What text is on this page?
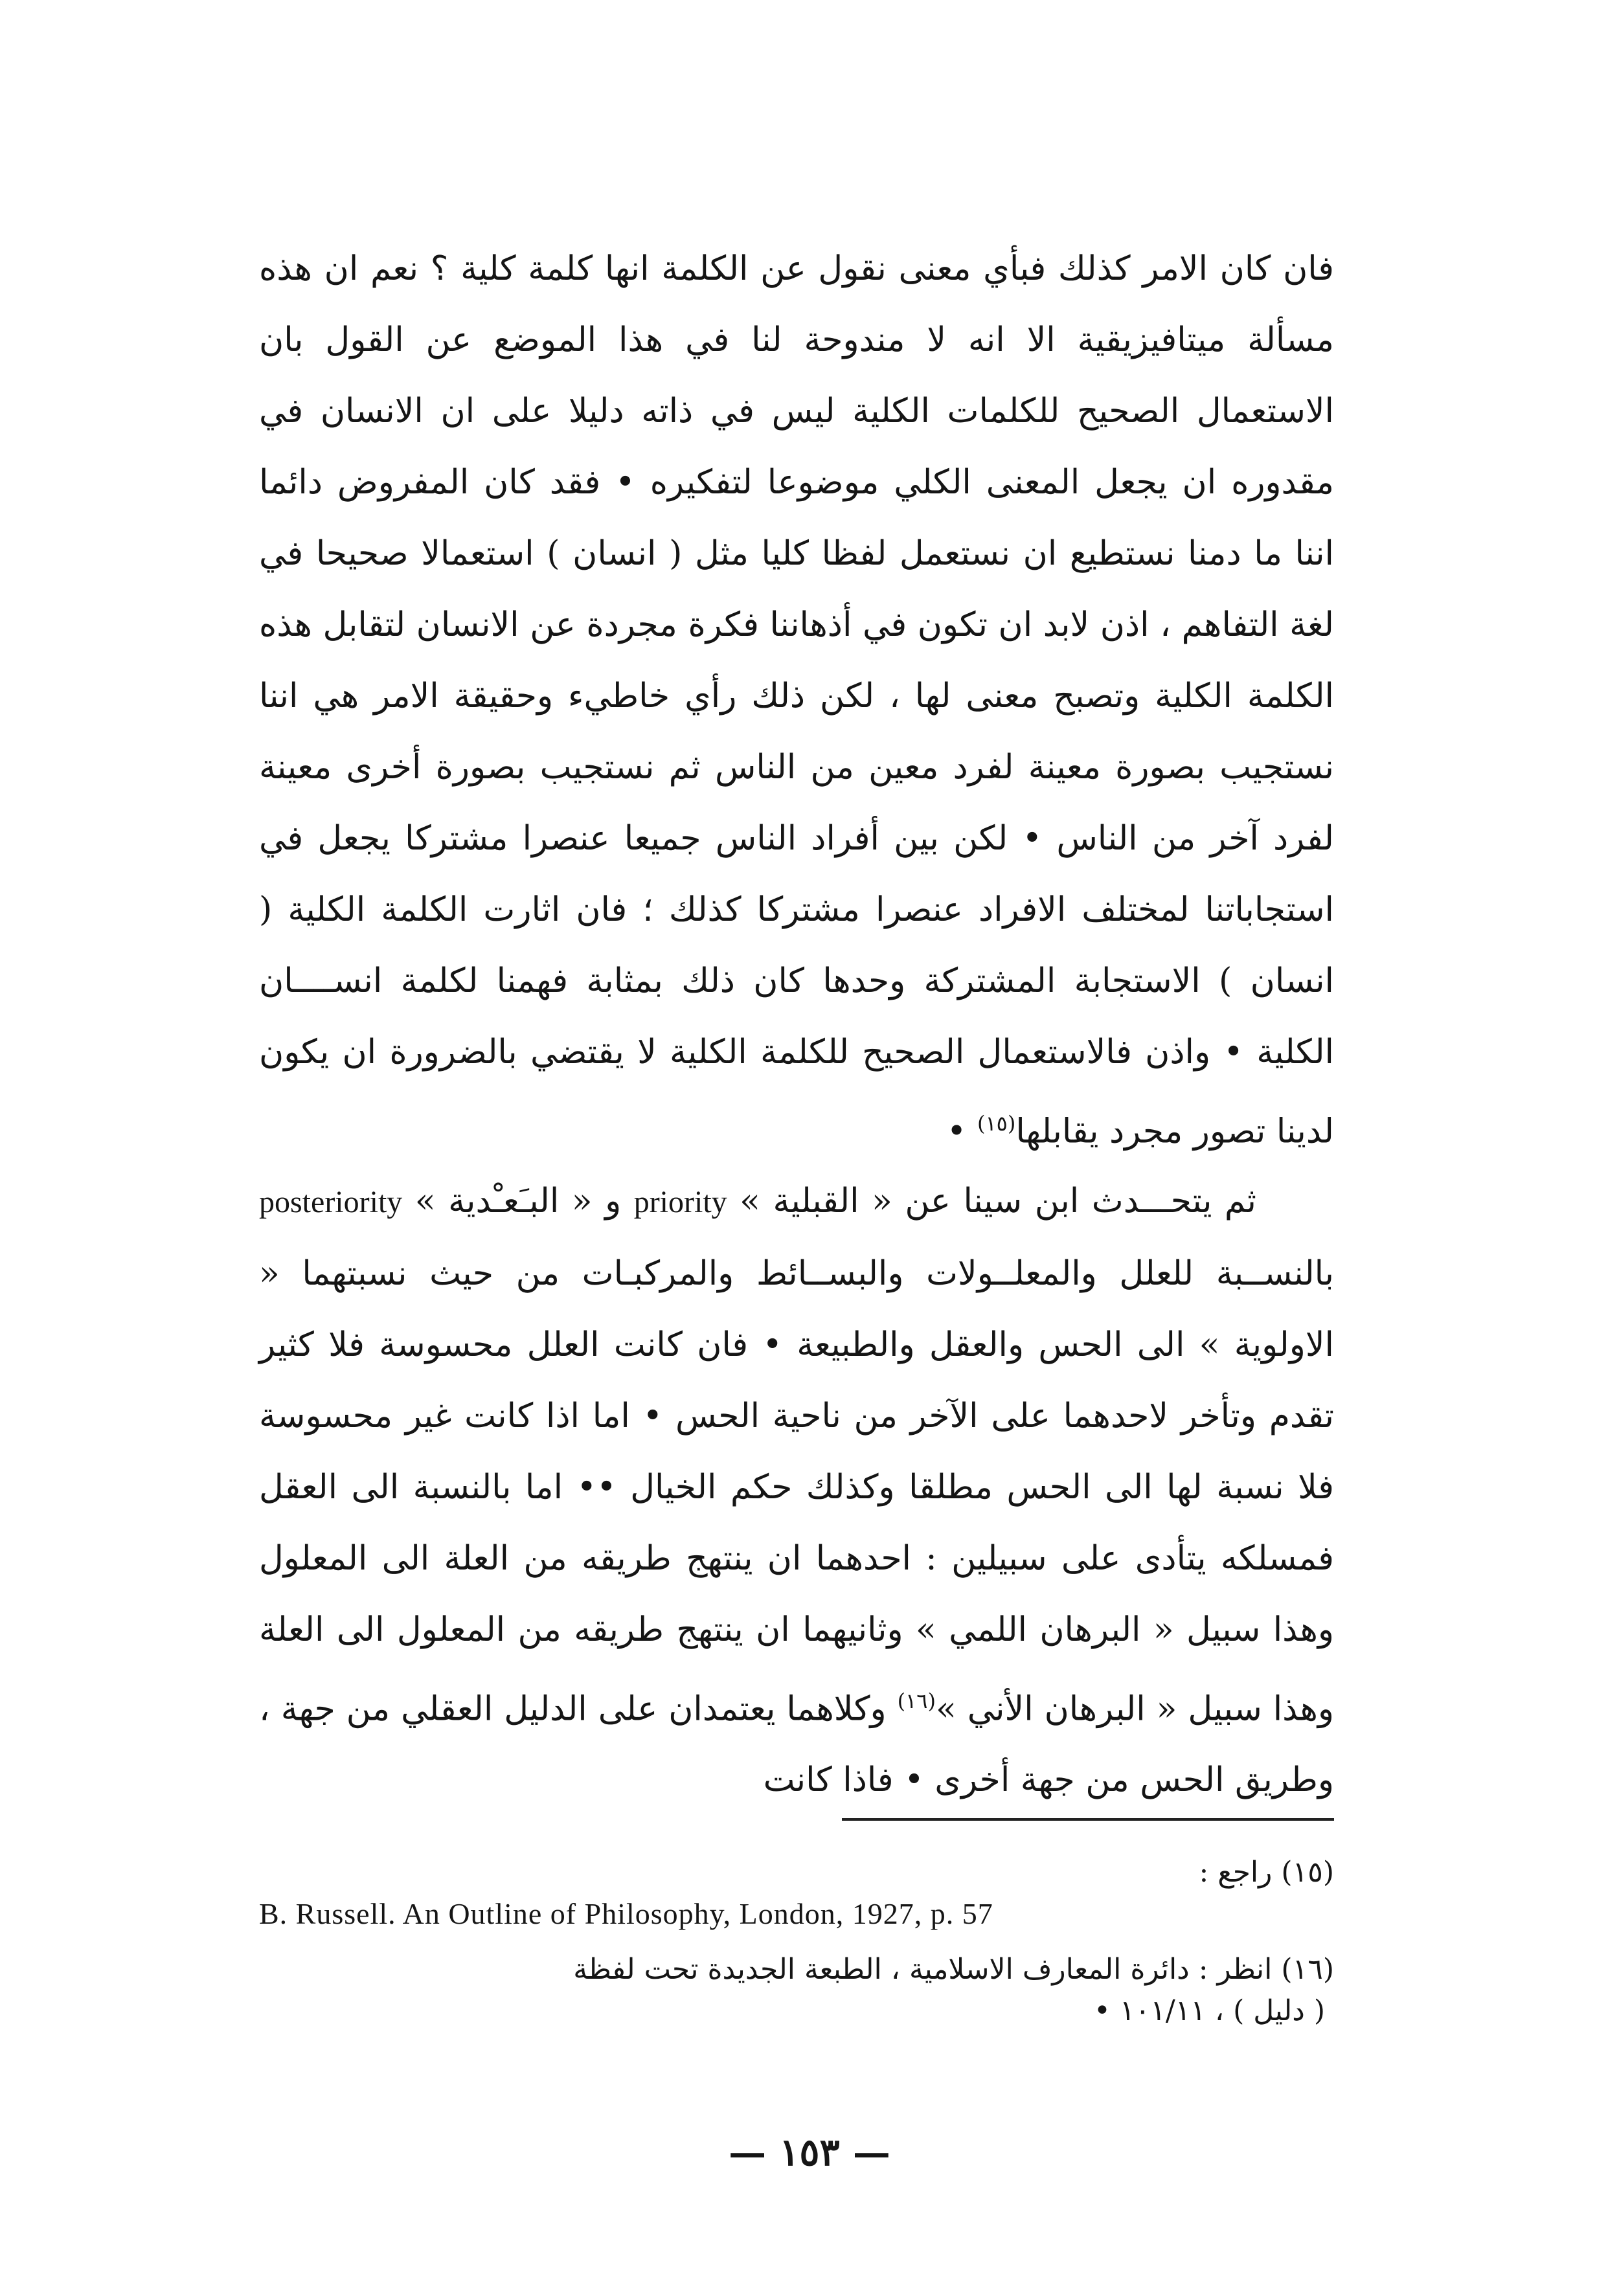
فان كان الامر كذلك فبأي معنى نقول عن الكلمة انها كلمة كلية ؟ نعم ان هذه مسألة ميتافيزيقية الا انه لا مندوحة لنا في هذا الموضع عن القول بان الاستعمال الصحيح للكلمات الكلية ليس في ذاته دليلا على ان الانسان في مقدوره ان يجعل المعنى الكلي موضوعا لتفكيره • فقد كان المفروض دائما اننا ما دمنا نستطيع ان نستعمل لفظا كليا مثل ( انسان ) استعمالا صحيحا في لغة التفاهم ، اذن لابد ان تكون في أذهاننا فكرة مجردة عن الانسان لتقابل هذه الكلمة الكلية وتصبح معنى لها ، لكن ذلك رأي خاطيء وحقيقة الامر هي اننا نستجيب بصورة معينة لفرد معين من الناس ثم نستجيب بصورة أخرى معينة لفرد آخر من الناس • لكن بين أفراد الناس جميعا عنصرا مشتركا يجعل في استجاباتنا لمختلف الافراد عنصرا مشتركا كذلك ؛ فان اثارت الكلمة الكلية ( انسان ) الاستجابة المشتركة وحدها كان ذلك بمثابة فهمنا لكلمة انســــان الكلية • واذن فالاستعمال الصحيح للكلمة الكلية لا يقتضي بالضرورة ان يكون لدينا تصور مجرد يقابلها$^{(١٥)}$ •

ثم يتحـــدث ابن سينا عن « القبلية » priority و « البـَعـْدية » posteriority بالنســبة للعلل والمعلــولات والبســائط والمركبـات من حيث نسبتهما « الاولوية » الى الحس والعقل والطبيعة • فان كانت العلل محسوسة فلا كثير تقدم وتأخر لاحدهما على الآخر من ناحية الحس • اما اذا كانت غير محسوسة فلا نسبة لها الى الحس مطلقا وكذلك حكم الخيال •• اما بالنسبة الى العقل فمسلكه يتأدى على سبيلين : احدهما ان ينتهج طريقه من العلة الى المعلول وهذا سبيل « البرهان اللمي » وثانيهما ان ينتهج طريقه من المعلول الى العلة وهذا سبيل « البرهان الأني »$^{(١٦)}$ وكلاهما يعتمدان على الدليل العقلي من جهة ، وطريق الحس من جهة أخرى • فاذا كانت

(١٥) راجع :

B. Russell. An Outline of Philosophy, London, 1927, p. 57

(١٦) انظر : دائرة المعارف الاسلامية ، الطبعة الجديدة تحت لفظة

( دليل ) ، ١٠١/١١ •

— ١٥٣ —
